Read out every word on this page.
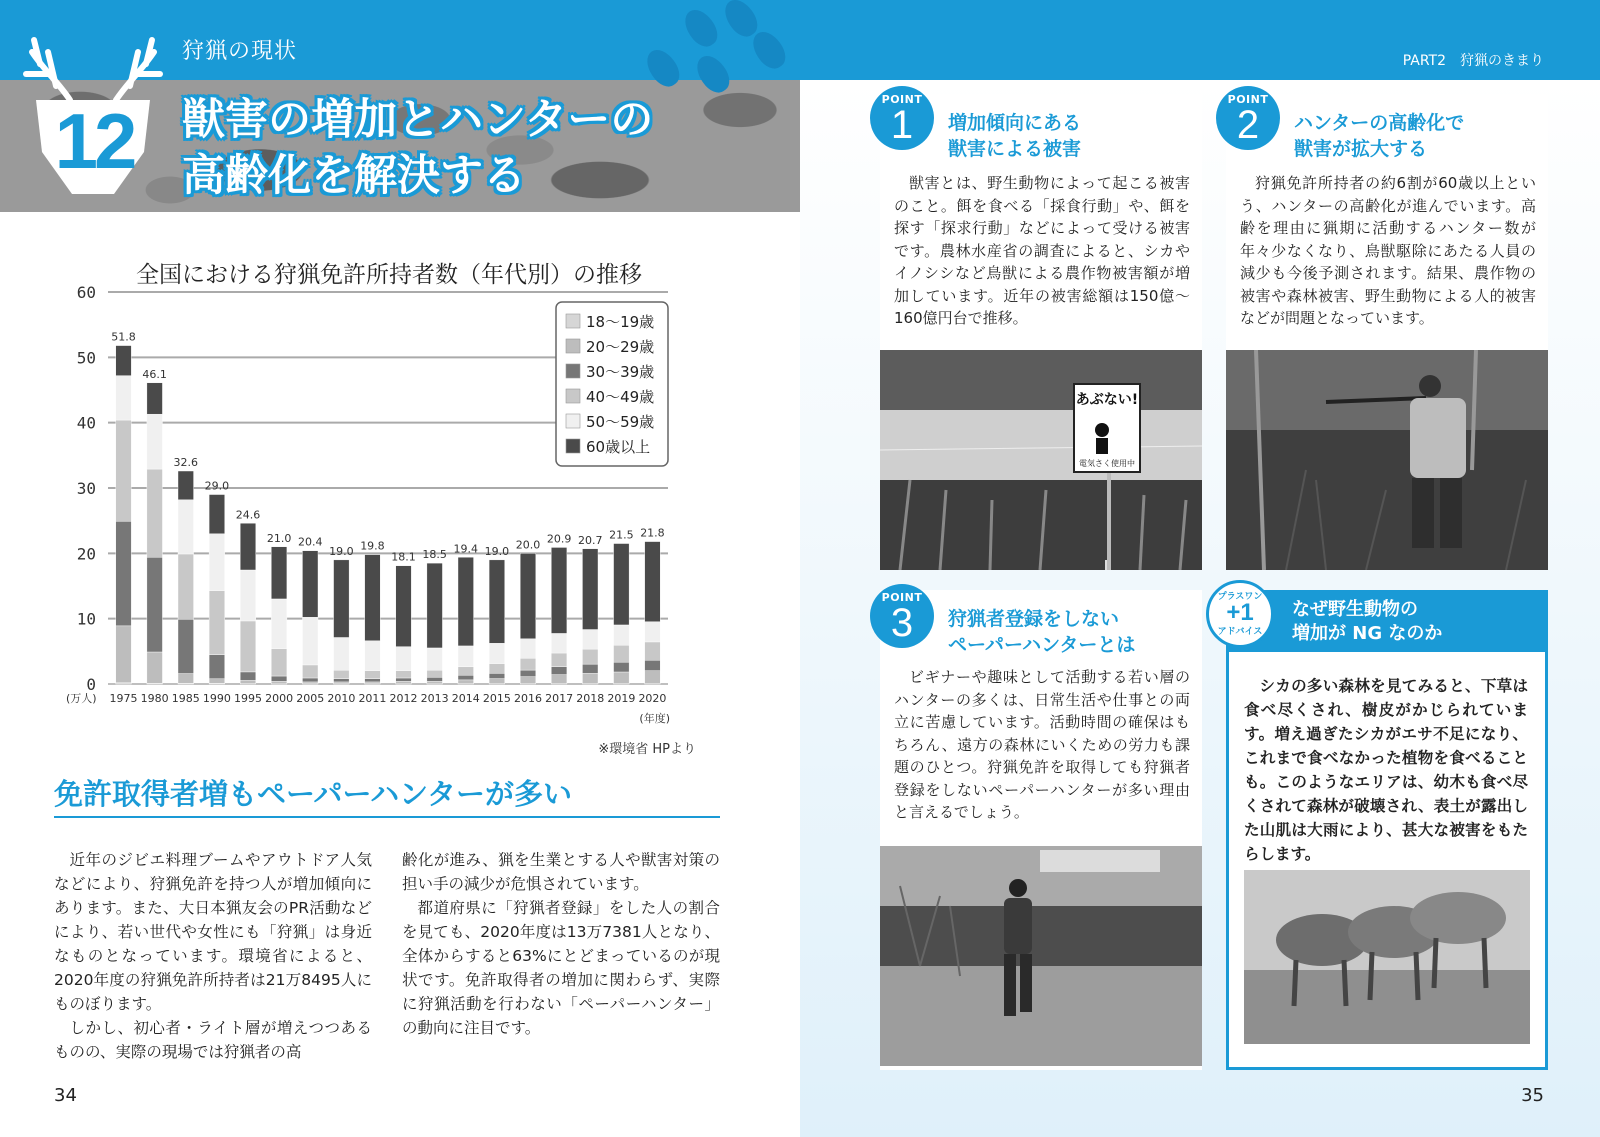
狩猟の現状	PART2　狩猟のきまり
12	獣害の増加とハンターの
高齢化を解決する
全国における狩猟免許所持者数（年代別）の推移
0
10
20
30
40
50
60
51.8
1975
46.1
1980
32.6
1985
29.0
1990
24.6
1995
21.0
2000
20.4
2005
19.0
2010
19.8
2011
18.1
2012
18.5
2013
19.4
2014
19.0
2015
20.0
2016
20.9
2017
20.7
2018
21.5
2019
21.8
2020
(万人)
(年度)
18〜19歳
20〜29歳
30〜39歳
40〜49歳
50〜59歳
60歳以上
※環境省 HPより
免許取得者増もペーパーハンターが多い

近年のジビエ料理ブームやアウトドア人気などにより、狩猟免許を持つ人が増加傾向にあります。また、大日本猟友会のPR活動などにより、若い世代や女性にも「狩猟」は身近なものとなっています。環境省によると、2020年度の狩猟免許所持者は21万8495人にものぼります。

しかし、初心者・ライト層が増えつつあるものの、実際の現場では狩猟者の高

齢化が進み、猟を生業とする人や獣害対策の担い手の減少が危惧されています。

都道府県に「狩猟者登録」をした人の割合を見ても、2020年度は13万7381人となり、全体からすると63%にとどまっているのが現状です。免許取得者の増加に関わらず、実際に狩猟活動を行わない「ペーパーハンター」の動向に注目です。

34	35
POINT
1	増加傾向にある
獣害による被害

獣害とは、野生動物によって起こる被害のこと。餌を食べる「採食行動」や、餌を探す「探求行動」などによって受ける被害です。農林水産省の調査によると、シカやイノシシなど鳥獣による農作物被害額が増加しています。近年の被害総額は150億〜160億円台で推移。

あぶない!
電気さく使用中
POINT
2	ハンターの高齢化で
獣害が拡大する

狩猟免許所持者の約6割が60歳以上という、ハンターの高齢化が進んでいます。高齢を理由に猟期に活動するハンター数が年々少なくなり、鳥獣駆除にあたる人員の減少も今後予測されます。結果、農作物の被害や森林被害、野生動物による人的被害などが問題となっています。

POINT
3	狩猟者登録をしない
ペーパーハンターとは

ビギナーや趣味として活動する若い層のハンターの多くは、日常生活や仕事との両立に苦慮しています。活動時間の確保はもちろん、遠方の森林にいくための労力も課題のひとつ。狩猟免許を取得しても狩猟者登録をしないペーパーハンターが多い理由と言えるでしょう。

プラスワン
+1
アドバイス
なぜ野生動物の
増加が NG なのか

シカの多い森林を見てみると、下草は食べ尽くされ、樹皮がかじられています。増え過ぎたシカがエサ不足になり、これまで食べなかった植物を食べることも。このようなエリアは、幼木も食べ尽くされて森林が破壊され、表土が露出した山肌は大雨により、甚大な被害をもたらします。
